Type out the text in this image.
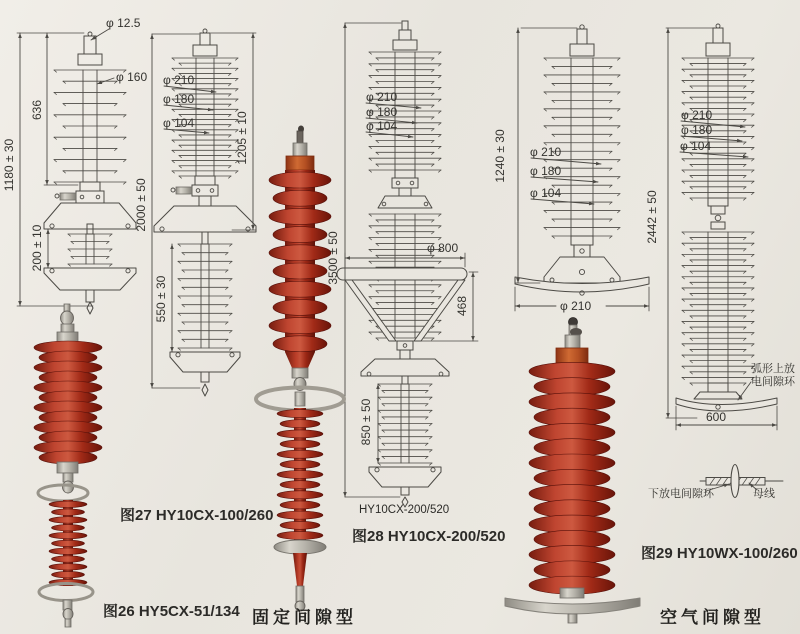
φ 12.5
φ 160
1180 ± 30
636
200 ± 10
φ 210
φ 180
φ 104	1205 ± 10
2000 ± 50
550 ± 30
φ 210
φ 180
φ 104
3500 ± 50	φ 800
468
850 ± 50
1240 ± 30 φ 210
φ 180
φ 104
φ 210
2442 ± 50
φ 210
φ 180
φ 104
600
弧形上放
电间隙环
下放电间隙环	母线
图27 HY10CX-100/260
图26 HY5CX-51/134
HY10CX-200/520
图28 HY10CX-200/520
图29 HY10WX-100/260
固定间隙型	空气间隙型
